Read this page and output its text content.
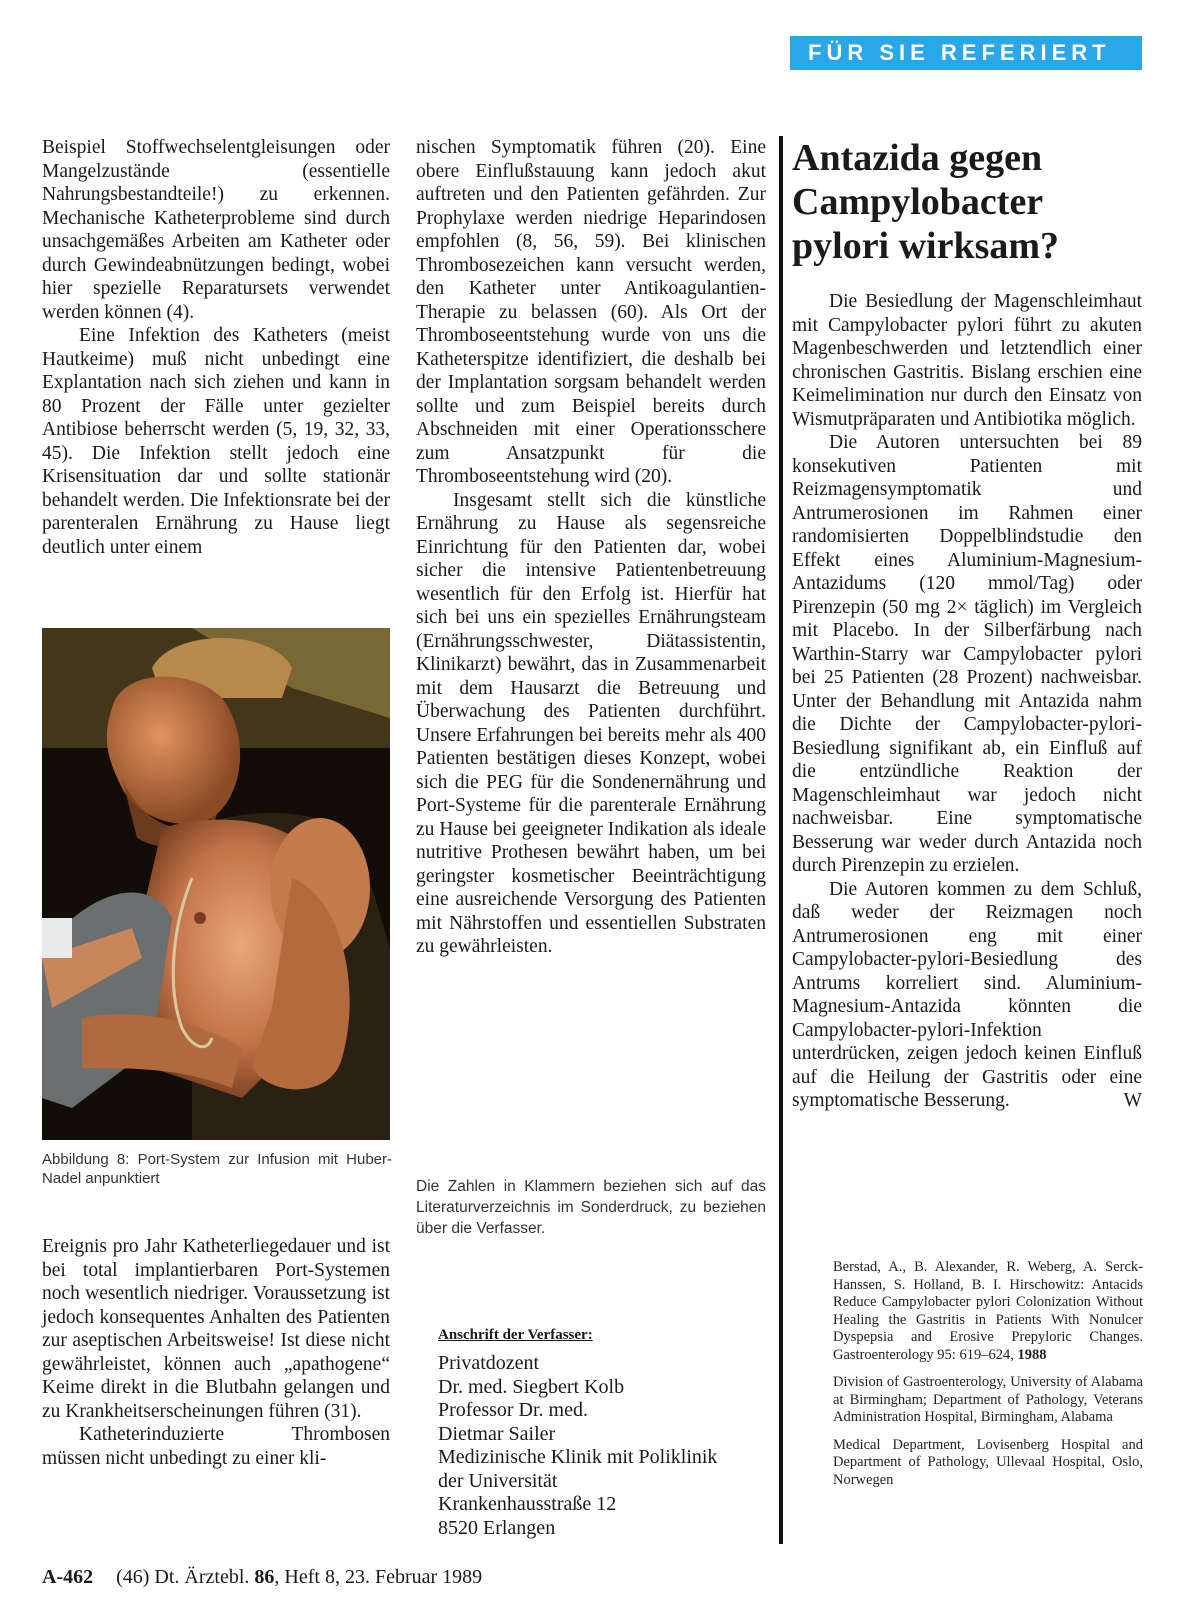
FÜR SIE REFERIERT

Beispiel Stoffwechselentgleisungen oder Mangelzustände (essentielle Nahrungsbestandteile!) zu erkennen. Mechanische Katheterprobleme sind durch unsachgemäßes Arbeiten am Katheter oder durch Gewindeabnützungen bedingt, wobei hier spezielle Reparatursets verwendet werden können (4).

Eine Infektion des Katheters (meist Hautkeime) muß nicht unbedingt eine Explantation nach sich ziehen und kann in 80 Prozent der Fälle unter gezielter Antibiose beherrscht werden (5, 19, 32, 33, 45). Die Infektion stellt jedoch eine Krisensituation dar und sollte stationär behandelt werden. Die Infektionsrate bei der parenteralen Ernährung zu Hause liegt deutlich unter einem

Abbildung 8: Port-System zur Infusion mit Huber-Nadel anpunktiert

Ereignis pro Jahr Katheterliegedauer und ist bei total implantierbaren Port-Systemen noch wesentlich niedriger. Voraussetzung ist jedoch konsequentes Anhalten des Patienten zur aseptischen Arbeitsweise! Ist diese nicht gewährleistet, können auch „apathogene“ Keime direkt in die Blutbahn gelangen und zu Krankheitserscheinungen führen (31).

Katheterinduzierte Thrombosen müssen nicht unbedingt zu einer kli-

nischen Symptomatik führen (20). Eine obere Einflußstauung kann jedoch akut auftreten und den Patienten gefährden. Zur Prophylaxe werden niedrige Heparindosen empfohlen (8, 56, 59). Bei klinischen Thrombosezeichen kann versucht werden, den Katheter unter Antikoagulantien-Therapie zu belassen (60). Als Ort der Thromboseentstehung wurde von uns die Katheterspitze identifiziert, die deshalb bei der Implantation sorgsam behandelt werden sollte und zum Beispiel bereits durch Abschneiden mit einer Operationsschere zum Ansatzpunkt für die Thromboseentstehung wird (20).

Insgesamt stellt sich die künstliche Ernährung zu Hause als segensreiche Einrichtung für den Patienten dar, wobei sicher die intensive Patientenbetreuung wesentlich für den Erfolg ist. Hierfür hat sich bei uns ein spezielles Ernährungsteam (Ernährungsschwester, Diätassistentin, Klinikarzt) bewährt, das in Zusammenarbeit mit dem Hausarzt die Betreuung und Überwachung des Patienten durchführt. Unsere Erfahrungen bei bereits mehr als 400 Patienten bestätigen dieses Konzept, wobei sich die PEG für die Sondenernährung und Port-Systeme für die parenterale Ernährung zu Hause bei geeigneter Indikation als ideale nutritive Prothesen bewährt haben, um bei geringster kosmetischer Beeinträchtigung eine ausreichende Versorgung des Patienten mit Nährstoffen und essentiellen Substraten zu gewährleisten.

Die Zahlen in Klammern beziehen sich auf das Literaturverzeichnis im Sonderdruck, zu beziehen über die Verfasser.
Anschrift der Verfasser:
Privatdozent
Dr. med. Siegbert Kolb
Professor Dr. med.
Dietmar Sailer
Medizinische Klinik mit Poliklinik
der Universität
Krankenhausstraße 12
8520 Erlangen
Antazida gegen Campylobacter pylori wirksam?

Die Besiedlung der Magenschleimhaut mit Campylobacter pylori führt zu akuten Magenbeschwerden und letztendlich einer chronischen Gastritis. Bislang erschien eine Keimelimination nur durch den Einsatz von Wismutpräparaten und Antibiotika möglich.

Die Autoren untersuchten bei 89 konsekutiven Patienten mit Reizmagensymptomatik und Antrumerosionen im Rahmen einer randomisierten Doppelblindstudie den Effekt eines Aluminium-Magnesium-Antazidums (120 mmol/Tag) oder Pirenzepin (50 mg 2× täglich) im Vergleich mit Placebo. In der Silberfärbung nach Warthin-Starry war Campylobacter pylori bei 25 Patienten (28 Prozent) nachweisbar. Unter der Behandlung mit Antazida nahm die Dichte der Campylobacter-pylori-Besiedlung signifikant ab, ein Einfluß auf die entzündliche Reaktion der Magenschleimhaut war jedoch nicht nachweisbar. Eine symptomatische Besserung war weder durch Antazida noch durch Pirenzepin zu erzielen.

Die Autoren kommen zu dem Schluß, daß weder der Reizmagen noch Antrumerosionen eng mit einer Campylobacter-pylori-Besiedlung des Antrums korreliert sind. Aluminium-Magnesium-Antazida könnten die Campylobacter-pylori-Infektion unterdrücken, zeigen jedoch keinen Einfluß auf die Heilung der Gastritis oder eine symptomatische Besserung.	W

Berstad, A., B. Alexander, R. Weberg, A. Serck-Hanssen, S. Holland, B. I. Hirschowitz: Antacids Reduce Campylobacter pylori Colonization Without Healing the Gastritis in Patients With Nonulcer Dyspepsia and Erosive Prepyloric Changes. Gastroenterology 95: 619–624, 1988

Division of Gastroenterology, University of Alabama at Birmingham; Department of Pathology, Veterans Administration Hospital, Birmingham, Alabama

Medical Department, Lovisenberg Hospital and Department of Pathology, Ullevaal Hospital, Oslo, Norwegen

A-462 (46) Dt. Ärztebl. 86, Heft 8, 23. Februar 1989
